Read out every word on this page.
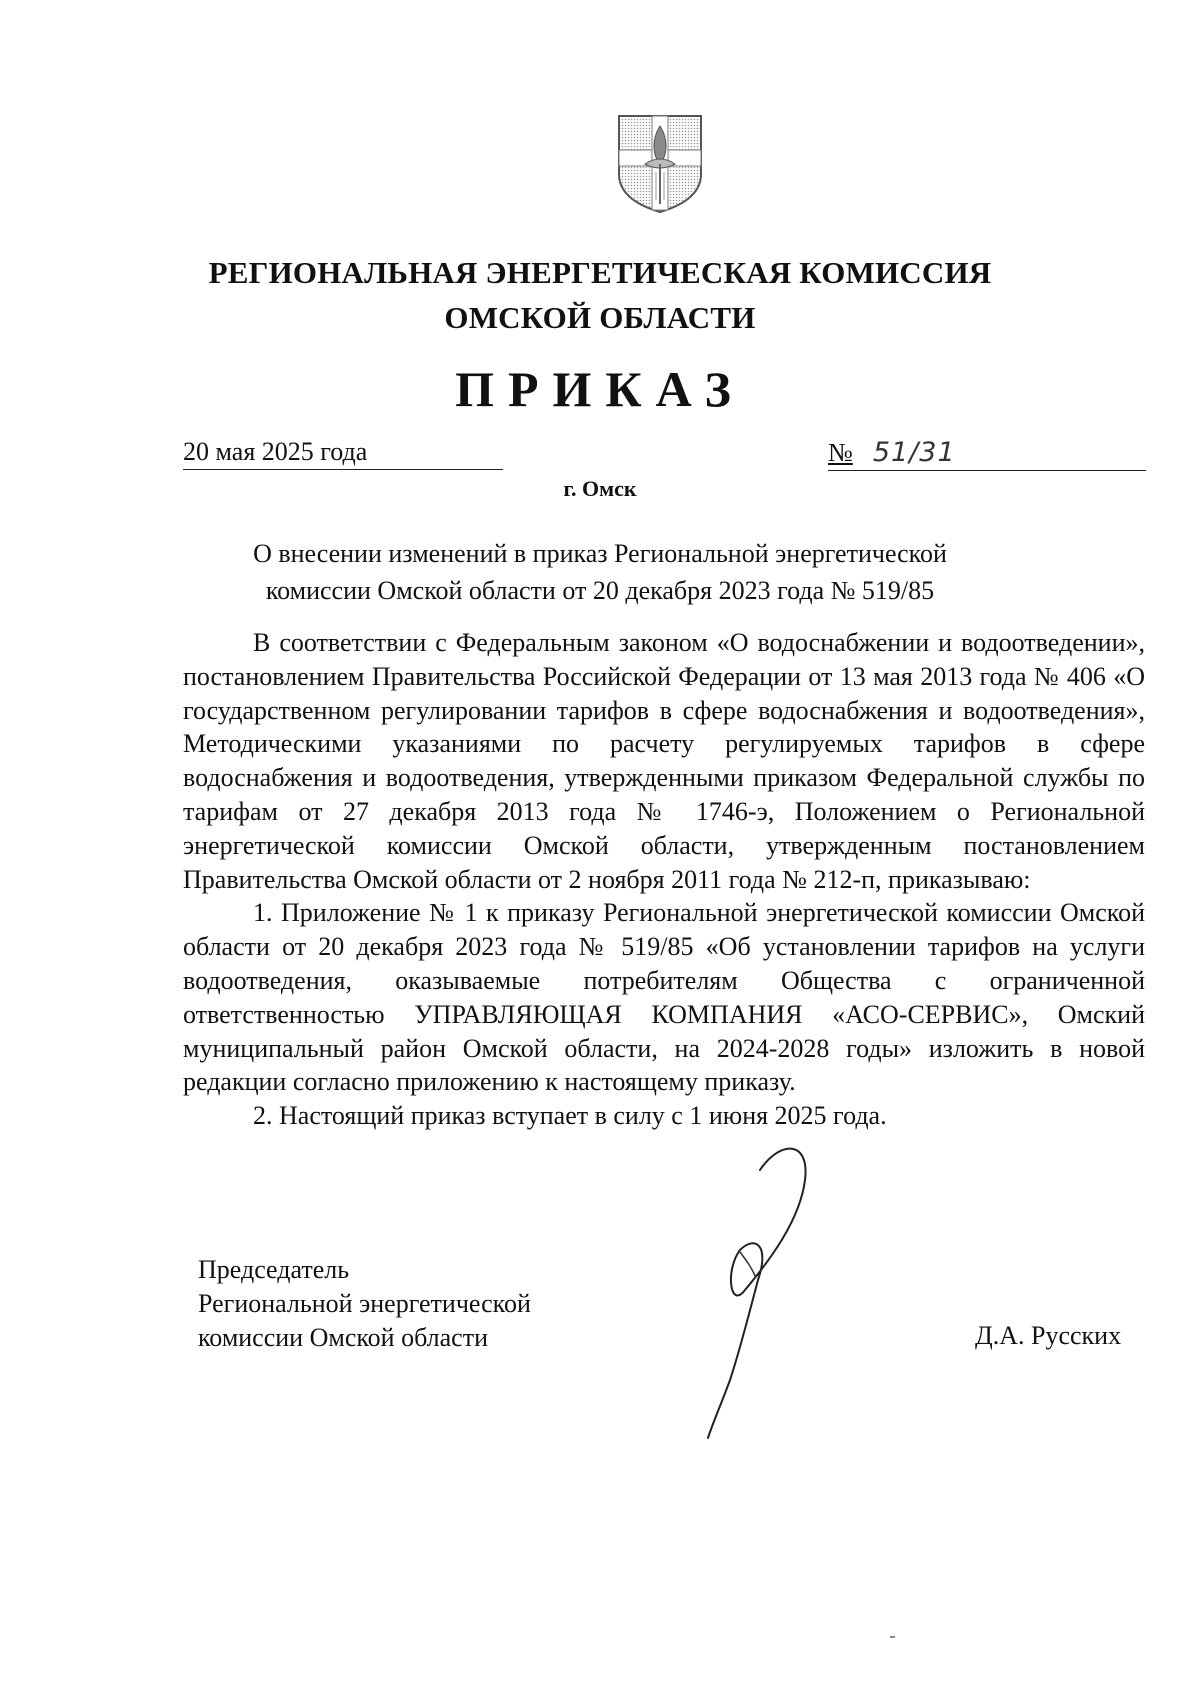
РЕГИОНАЛЬНАЯ ЭНЕРГЕТИЧЕСКАЯ КОМИССИЯ
ОМСКОЙ ОБЛАСТИ
ПРИКАЗ
20 мая 2025 года	№ 51/31
г. Омск
О внесении изменений в приказ Региональной энергетической
комиссии Омской области от 20 декабря 2023 года № 519/85

В соответствии с Федеральным законом «О водоснабжении и водоотведении», постановлением Правительства Российской Федерации от 13 мая 2013 года № 406 «О государственном регулировании тарифов в сфере водоснабжения и водоотведения», Методическими указаниями по расчету регулируемых тарифов в сфере водоснабжения и водоотведения, утвержденными приказом Федеральной службы по тарифам от 27 декабря 2013 года № 1746-э, Положением о Региональной энергетической комиссии Омской области, утвержденным постановлением Правительства Омской области от 2 ноября 2011 года № 212-п, приказываю:

1. Приложение № 1 к приказу Региональной энергетической комиссии Омской области от 20 декабря 2023 года № 519/85 «Об установлении тарифов на услуги водоотведения, оказываемые потребителям Общества с ограниченной ответственностью УПРАВЛЯЮЩАЯ КОМПАНИЯ «АСО-СЕРВИС», Омский муниципальный район Омской области, на 2024-2028 годы» изложить в новой редакции согласно приложению к настоящему приказу.

2. Настоящий приказ вступает в силу с 1 июня 2025 года.

Председатель
Региональной энергетической
комиссии Омской области	Д.А. Русских
